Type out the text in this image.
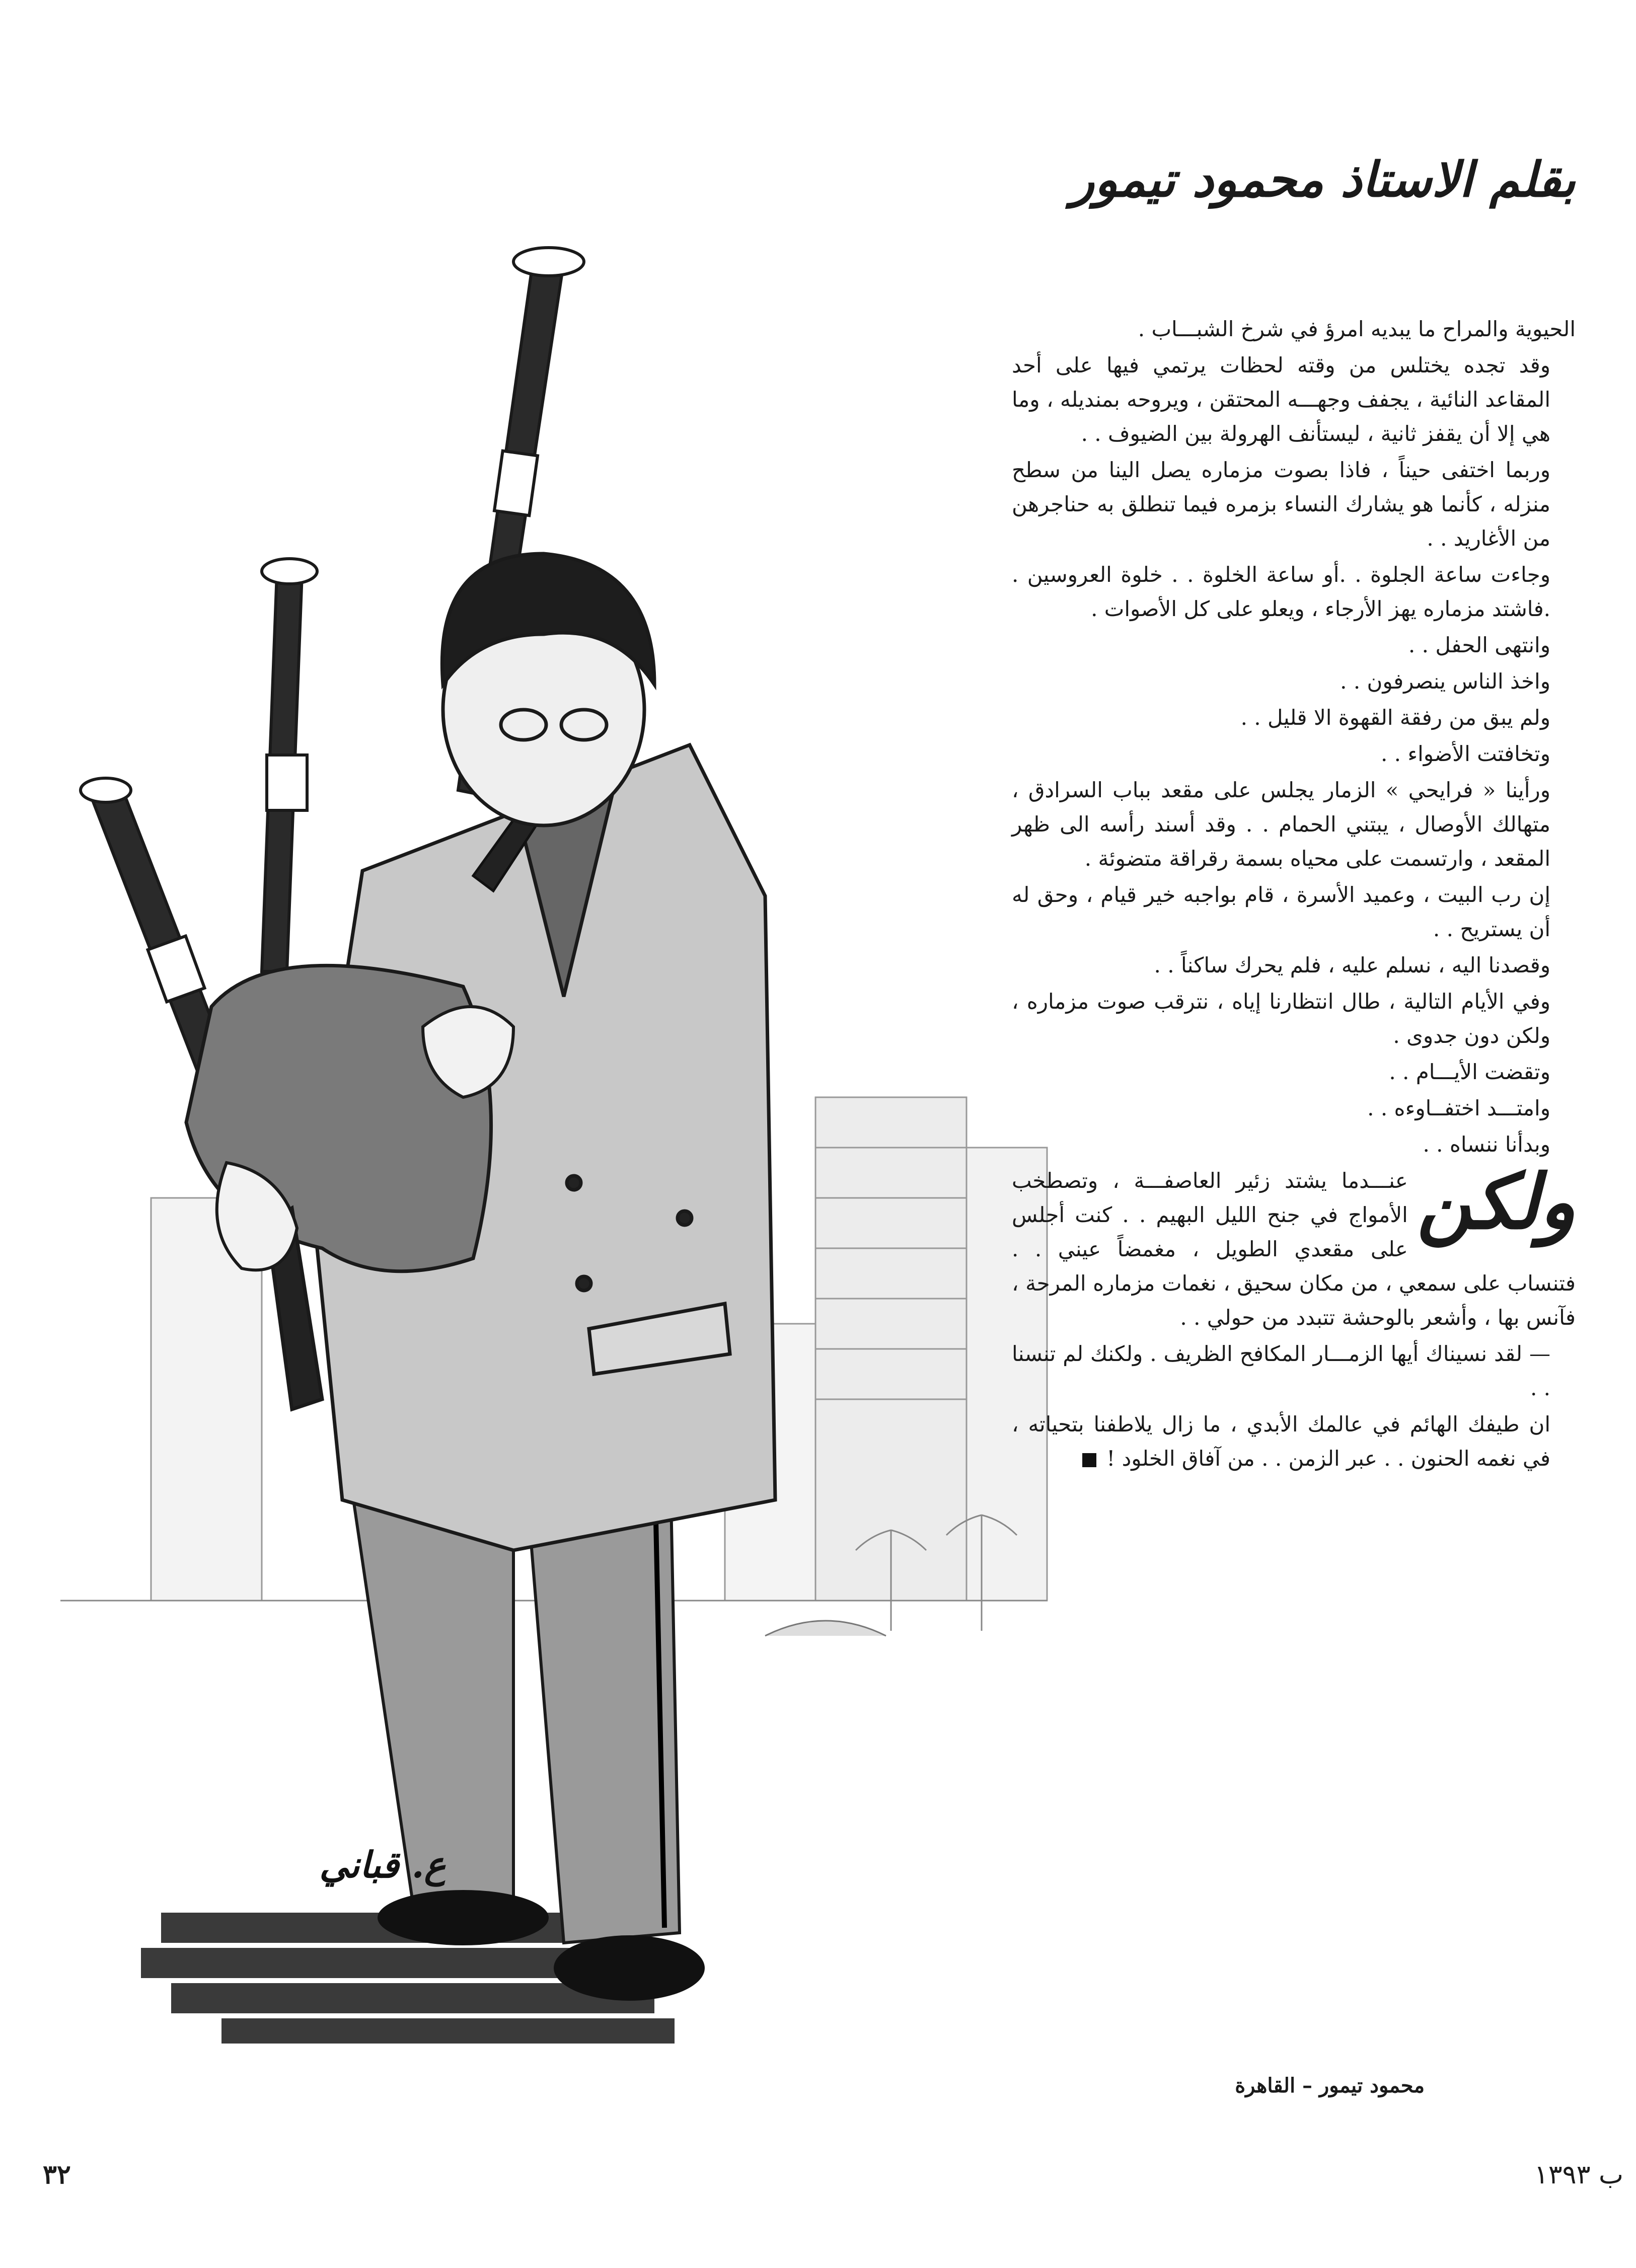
ع. قباني
بقلم الاستاذ محمود تيمور

الحيوية والمراح ما يبديه امرؤ في شرخ الشبـــاب .

وقد تجده يختلس من وقته لحظات يرتمي فيها على أحد المقاعد النائية ، يجفف وجهـــه المحتقن ، ويروحه بمنديله ، وما هي إلا أن يقفز ثانية ، ليستأنف الهرولة بين الضيوف . .

وربما اختفى حيناً ، فاذا بصوت مزماره يصل الينا من سطح منزله ، كأنما هو يشارك النساء بزمره فيما تنطلق به حناجرهن من الأغاريد . .

وجاءت ساعة الجلوة . .أو ساعة الخلوة . . خلوة العروسين . .فاشتد مزماره يهز الأرجاء ، ويعلو على كل الأصوات .

وانتهى الحفل . .

واخذ الناس ينصرفون . .

ولم يبق من رفقة القهوة الا قليل . .

وتخافتت الأضواء . .

ورأينا « فرايحي » الزمار يجلس على مقعد بباب السرادق ، متهالك الأوصال ، يبتني الحمام . . وقد أسند رأسه الى ظهر المقعد ، وارتسمت على محياه بسمة رقراقة متضوئة .

إن رب البيت ، وعميد الأسرة ، قام بواجبه خير قيام ، وحق له أن يستريح . .

وقصدنا اليه ، نسلم عليه ، فلم يحرك ساكناً . .

وفي الأيام التالية ، طال انتظارنا إياه ، نترقب صوت مزماره ، ولكن دون جدوى .

وتقضت الأيـــام . .

وامتـــد اختفــاوءه . .

وبدأنا ننساه . .

ولكن
عنـــدما يشتد زئير العاصفـــة ، وتصطخب الأمواج في جنح الليل البهيم . . كنت أجلس على مقعدي الطويل ، مغمضاً عيني . . فتنساب على سمعي ، من مكان سحيق ، نغمات مزماره المرحة ، فآنس بها ، وأشعر بالوحشة تتبدد من حولي . .

— لقد نسيناك أيها الزمـــار المكافح الظريف . ولكنك لم تنسنا . .

ان طيفك الهائم في عالمك الأبدي ، ما زال يلاطفنا بتحياته ، في نغمه الحنون . . عبر الزمن . . من آفاق الخلود !

محمود تيمور – القاهرة
٣٢	ب ١٣٩٣
